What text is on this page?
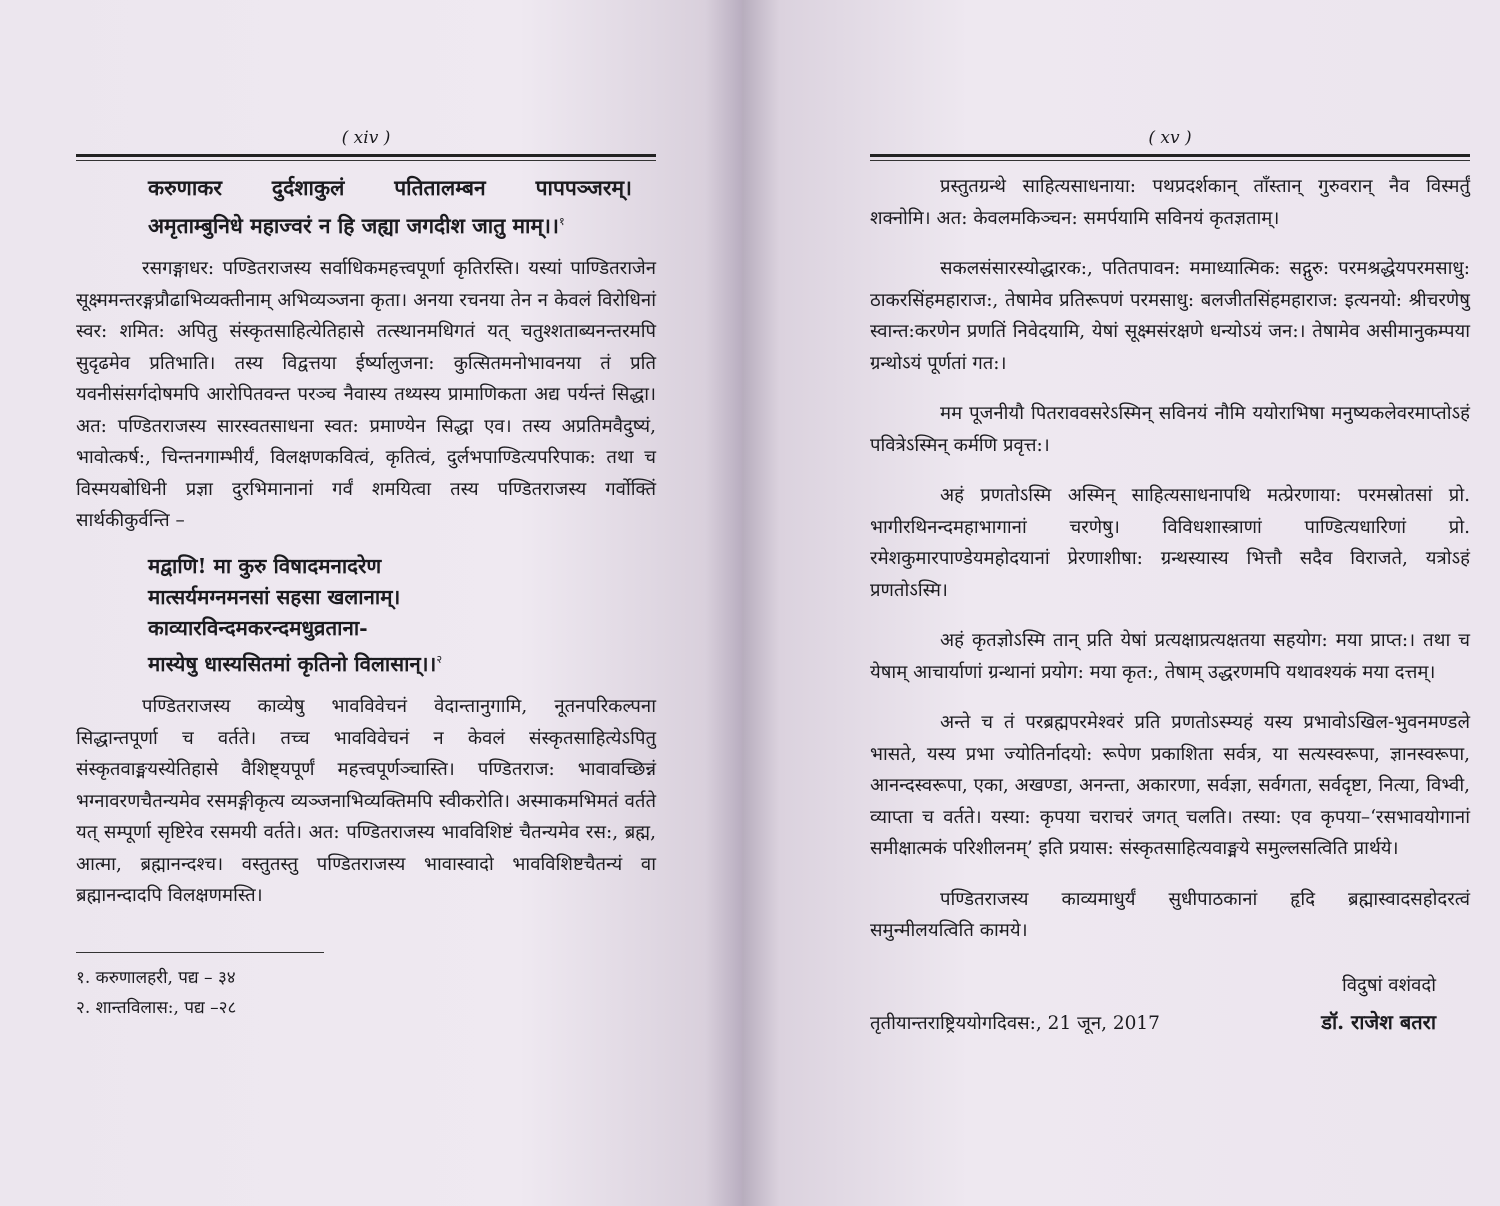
( xiv )
करुणाकर दुर्दशाकुलं पतितालम्बन पापपञ्जरम्।
अमृताम्बुनिधे महाज्वरं न हि जह्या जगदीश जातु माम्।।$^१$

रसगङ्गाधर: पण्डितराजस्य सर्वाधिकमहत्त्वपूर्णा कृतिरस्ति। यस्यां पाण्डितराजेन सूक्ष्ममन्तरङ्गप्रौढाभिव्यक्तीनाम् अभिव्यञ्जना कृता। अनया रचनया तेन न केवलं विरोधिनां स्वर: शमित: अपितु संस्कृतसाहित्येतिहासे तत्स्थानमधिगतं यत् चतुश्शताब्यनन्तरमपि सुदृढमेव प्रतिभाति। तस्य विद्वत्तया ईर्ष्यालुजना: कुत्सितमनोभावनया तं प्रति यवनीसंसर्गदोषमपि आरोपितवन्त परञ्च नैवास्य तथ्यस्य प्रामाणिकता अद्य पर्यन्तं सिद्धा। अत: पण्डितराजस्य सारस्वतसाधना स्वत: प्रमाण्येन सिद्धा एव। तस्य अप्रतिमवैदुष्यं, भावोत्कर्ष:, चिन्तनगाम्भीर्यं, विलक्षणकवित्वं, कृतित्वं, दुर्लभपाण्डित्यपरिपाक: तथा च विस्मयबोधिनी प्रज्ञा दुरभिमानानां गर्वं शमयित्वा तस्य पण्डितराजस्य गर्वोक्तिं सार्थकीकुर्वन्ति –

मद्वाणि! मा कुरु विषादमनादरेण
मात्सर्यमग्नमनसां सहसा खलानाम्।
काव्यारविन्दमकरन्दमधुव्रताना-
मास्येषु धास्यसितमां कृतिनो विलासान्।।$^२$

पण्डितराजस्य काव्येषु भावविवेचनं वेदान्तानुगामि, नूतनपरिकल्पना सिद्धान्तपूर्णा च वर्तते। तच्च भावविवेचनं न केवलं संस्कृतसाहित्येऽपितु संस्कृतवाङ्मयस्येतिहासे वैशिष्ट्यपूर्णं महत्त्वपूर्णञ्चास्ति। पण्डितराज: भावावच्छिन्नं भग्नावरणचैतन्यमेव रसमङ्गीकृत्य व्यञ्जनाभिव्यक्तिमपि स्वीकरोति। अस्माकमभिमतं वर्तते यत् सम्पूर्णा सृष्टिरेव रसमयी वर्तते। अत: पण्डितराजस्य भावविशिष्टं चैतन्यमेव रस:, ब्रह्म, आत्मा, ब्रह्मानन्दश्च। वस्तुतस्तु पण्डितराजस्य भावास्वादो भावविशिष्टचैतन्यं वा ब्रह्मानन्दादपि विलक्षणमस्ति।

१. करुणालहरी, पद्य – ३४
२. शान्तविलास:, पद्य –२८
( xv )

प्रस्तुतग्रन्थे साहित्यसाधनाया: पथप्रदर्शकान् ताँस्तान् गुरुवरान् नैव विस्मर्तुं शक्नोमि। अत: केवलमकिञ्चन: समर्पयामि सविनयं कृतज्ञताम्।

सकलसंसारस्योद्धारक:, पतितपावन: ममाध्यात्मिक: सद्गुरु: परमश्रद्धेयपरमसाधु: ठाकरसिंहमहाराज:, तेषामेव प्रतिरूपणं परमसाधु: बलजीतसिंहमहाराज: इत्यनयो: श्रीचरणेषु स्वान्त:करणेन प्रणतिं निवेदयामि, येषां सूक्ष्मसंरक्षणे धन्योऽयं जन:। तेषामेव असीमानुकम्पया ग्रन्थोऽयं पूर्णतां गत:।

मम पूजनीयौ पितराववसरेऽस्मिन् सविनयं नौमि ययोराभिषा मनुष्यकलेवरमाप्तोऽहं पवित्रेऽस्मिन् कर्मणि प्रवृत्त:।

अहं प्रणतोऽस्मि अस्मिन् साहित्यसाधनापथि मत्प्रेरणाया: परमस्रोतसां प्रो. भागीरथिनन्दमहाभागानां चरणेषु। विविधशास्त्राणां पाण्डित्यधारिणां प्रो. रमेशकुमारपाण्डेयमहोदयानां प्रेरणाशीषा: ग्रन्थस्यास्य भित्तौ सदैव विराजते, यत्रोऽहं प्रणतोऽस्मि।

अहं कृतज्ञोऽस्मि तान् प्रति येषां प्रत्यक्षाप्रत्यक्षतया सहयोग: मया प्राप्त:। तथा च येषाम् आचार्याणां ग्रन्थानां प्रयोग: मया कृत:, तेषाम् उद्धरणमपि यथावश्यकं मया दत्तम्।

अन्ते च तं परब्रह्मपरमेश्वरं प्रति प्रणतोऽस्म्यहं यस्य प्रभावोऽखिल-भुवनमण्डले भासते, यस्य प्रभा ज्योतिर्नादयो: रूपेण प्रकाशिता सर्वत्र, या सत्यस्वरूपा, ज्ञानस्वरूपा, आनन्दस्वरूपा, एका, अखण्डा, अनन्ता, अकारणा, सर्वज्ञा, सर्वगता, सर्वदृष्टा, नित्या, विभ्वी, व्याप्ता च वर्तते। यस्या: कृपया चराचरं जगत् चलति। तस्या: एव कृपया–‘रसभावयोगानां समीक्षात्मकं परिशीलनम्’ इति प्रयास: संस्कृतसाहित्यवाङ्मये समुल्लसत्विति प्रार्थये।

पण्डितराजस्य काव्यमाधुर्यं सुधीपाठकानां हृदि ब्रह्मास्वादसहोदरत्वं समुन्मीलयत्विति कामये।

विदुषां वशंवदो
तृतीयान्तराष्ट्रिययोगदिवस:, 21 जून, 2017	डॉ. राजेश बतरा
